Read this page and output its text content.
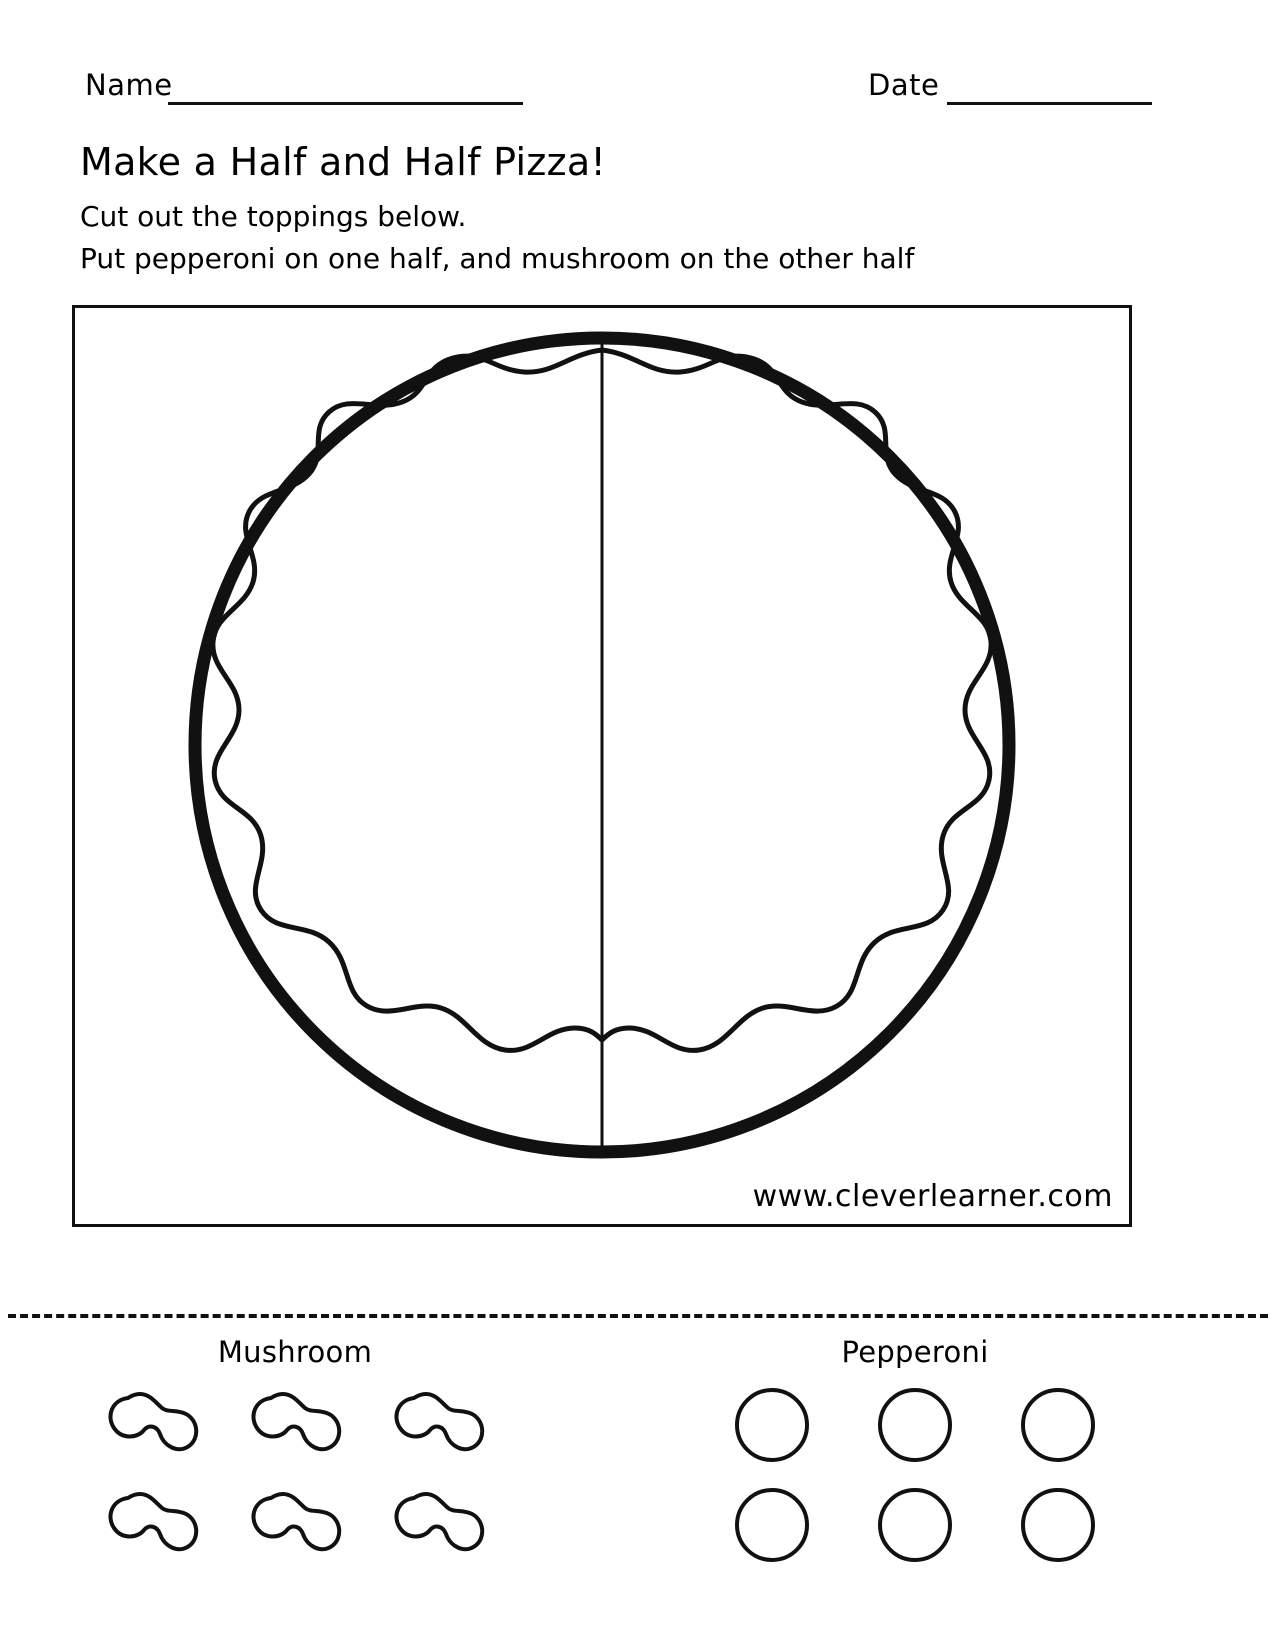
Name	Date
Make a Half and Half Pizza!
Cut out the toppings below.
Put pepperoni on one half, and mushroom on the other half
www.cleverlearner.com
Mushroom	Pepperoni
